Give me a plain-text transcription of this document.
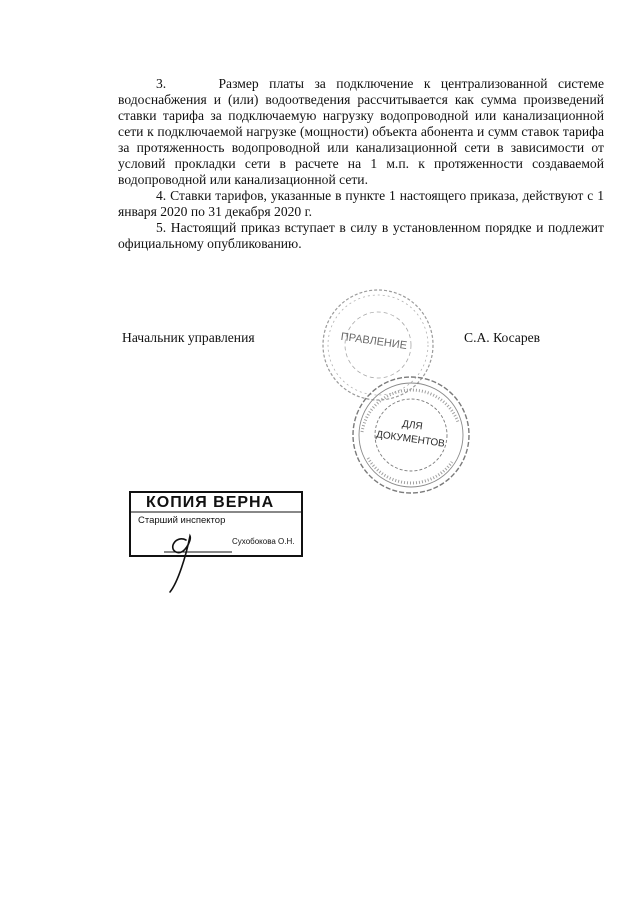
3.     Размер платы за подключение к централизованной системе водоснабжения и (или) водоотведения рассчитывается как сумма произведений ставки тарифа за подключаемую нагрузку водопроводной или канализационной сети к подключаемой нагрузке (мощности) объекта абонента и сумм ставок тарифа за протяженность водопроводной или канализационной сети в зависимости от условий прокладки сети в расчете на 1 м.п. к протяженности создаваемой водопроводной или канализационной сети.

4. Ставки тарифов, указанные в пункте 1 настоящего приказа, действуют с 1 января 2020 по 31 декабря 2020 г.

5. Настоящий приказ вступает в силу в установленном порядке и подлежит официальному опубликованию.

Начальник управления	С.А. Косарев
ПРАВЛЕНИЕ
ДЛЯ
ДОКУМЕНТОВ
КОПИЯ ВЕРНА
Старший инспектор
Сухобокова О.Н.
